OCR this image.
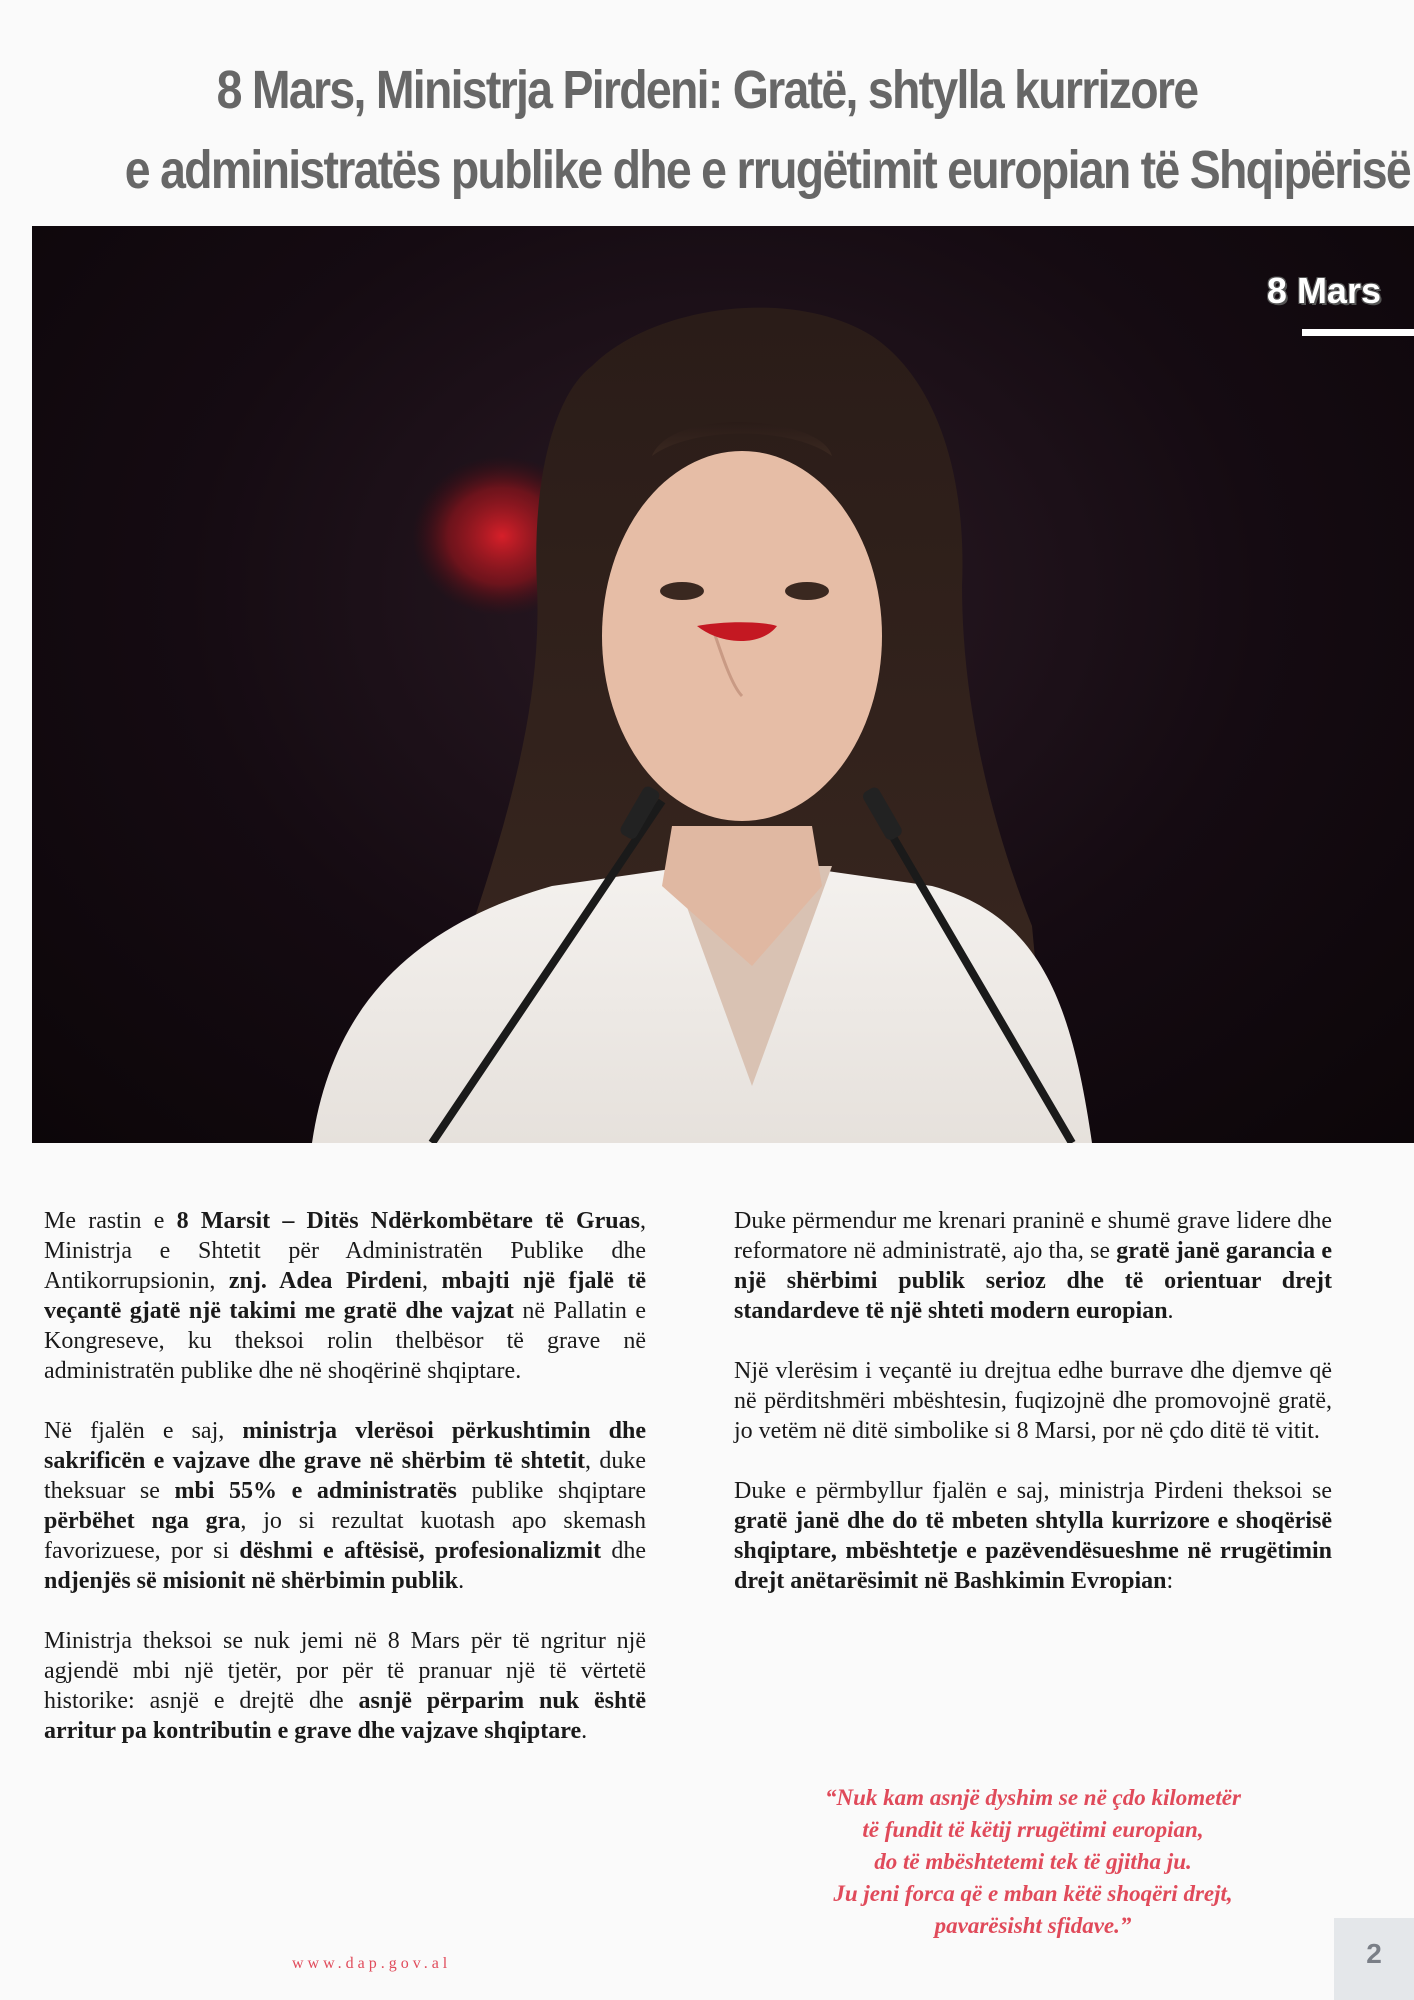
8 Mars, Ministrja Pirdeni: Gratë, shtylla kurrizore
e administratës publike dhe e rrugëtimit europian të Shqipërisë
8 Mars

Me rastin e 8 Marsit – Ditës Ndërkombëtare të Gruas, Ministrja e Shtetit për Administratën Publike dhe Antikorrupsionin, znj. Adea Pirdeni, mbajti një fjalë të veçantë gjatë një takimi me gratë dhe vajzat në Pallatin e Kongreseve, ku theksoi rolin thelbësor të grave në administratën publike dhe në shoqërinë shqiptare.

Në fjalën e saj, ministrja vlerësoi përkushtimin dhe sakrificën e vajzave dhe grave në shërbim të shtetit, duke theksuar se mbi 55% e administratës publike shqiptare përbëhet nga gra, jo si rezultat kuotash apo skemash favorizuese, por si dëshmi e aftësisë, profesionalizmit dhe ndjenjës së misionit në shërbimin publik.

Ministrja theksoi se nuk jemi në 8 Mars për të ngritur një agjendë mbi një tjetër, por për të pranuar një të vërtetë historike: asnjë e drejtë dhe asnjë përparim nuk është arritur pa kontributin e grave dhe vajzave shqiptare.

Duke përmendur me krenari praninë e shumë grave lidere dhe reformatore në administratë, ajo tha, se gratë janë garancia e një shërbimi publik serioz dhe të orientuar drejt standardeve të një shteti modern europian.

Një vlerësim i veçantë iu drejtua edhe burrave dhe djemve që në përditshmëri mbështesin, fuqizojnë dhe promovojnë gratë, jo vetëm në ditë simbolike si 8 Marsi, por në çdo ditë të vitit.

Duke e përmbyllur fjalën e saj, ministrja Pirdeni theksoi se gratë janë dhe do të mbeten shtylla kurrizore e shoqërisë shqiptare, mbështetje e pazëvendësueshme në rrugëtimin drejt anëtarësimit në Bashkimin Evropian:

“Nuk kam asnjë dyshim se në çdo kilometër
të fundit të këtij rrugëtimi europian,
do të mbështetemi tek të gjitha ju.
Ju jeni forca që e mban këtë shoqëri drejt,
pavarësisht sfidave.”
www.dap.gov.al	2
